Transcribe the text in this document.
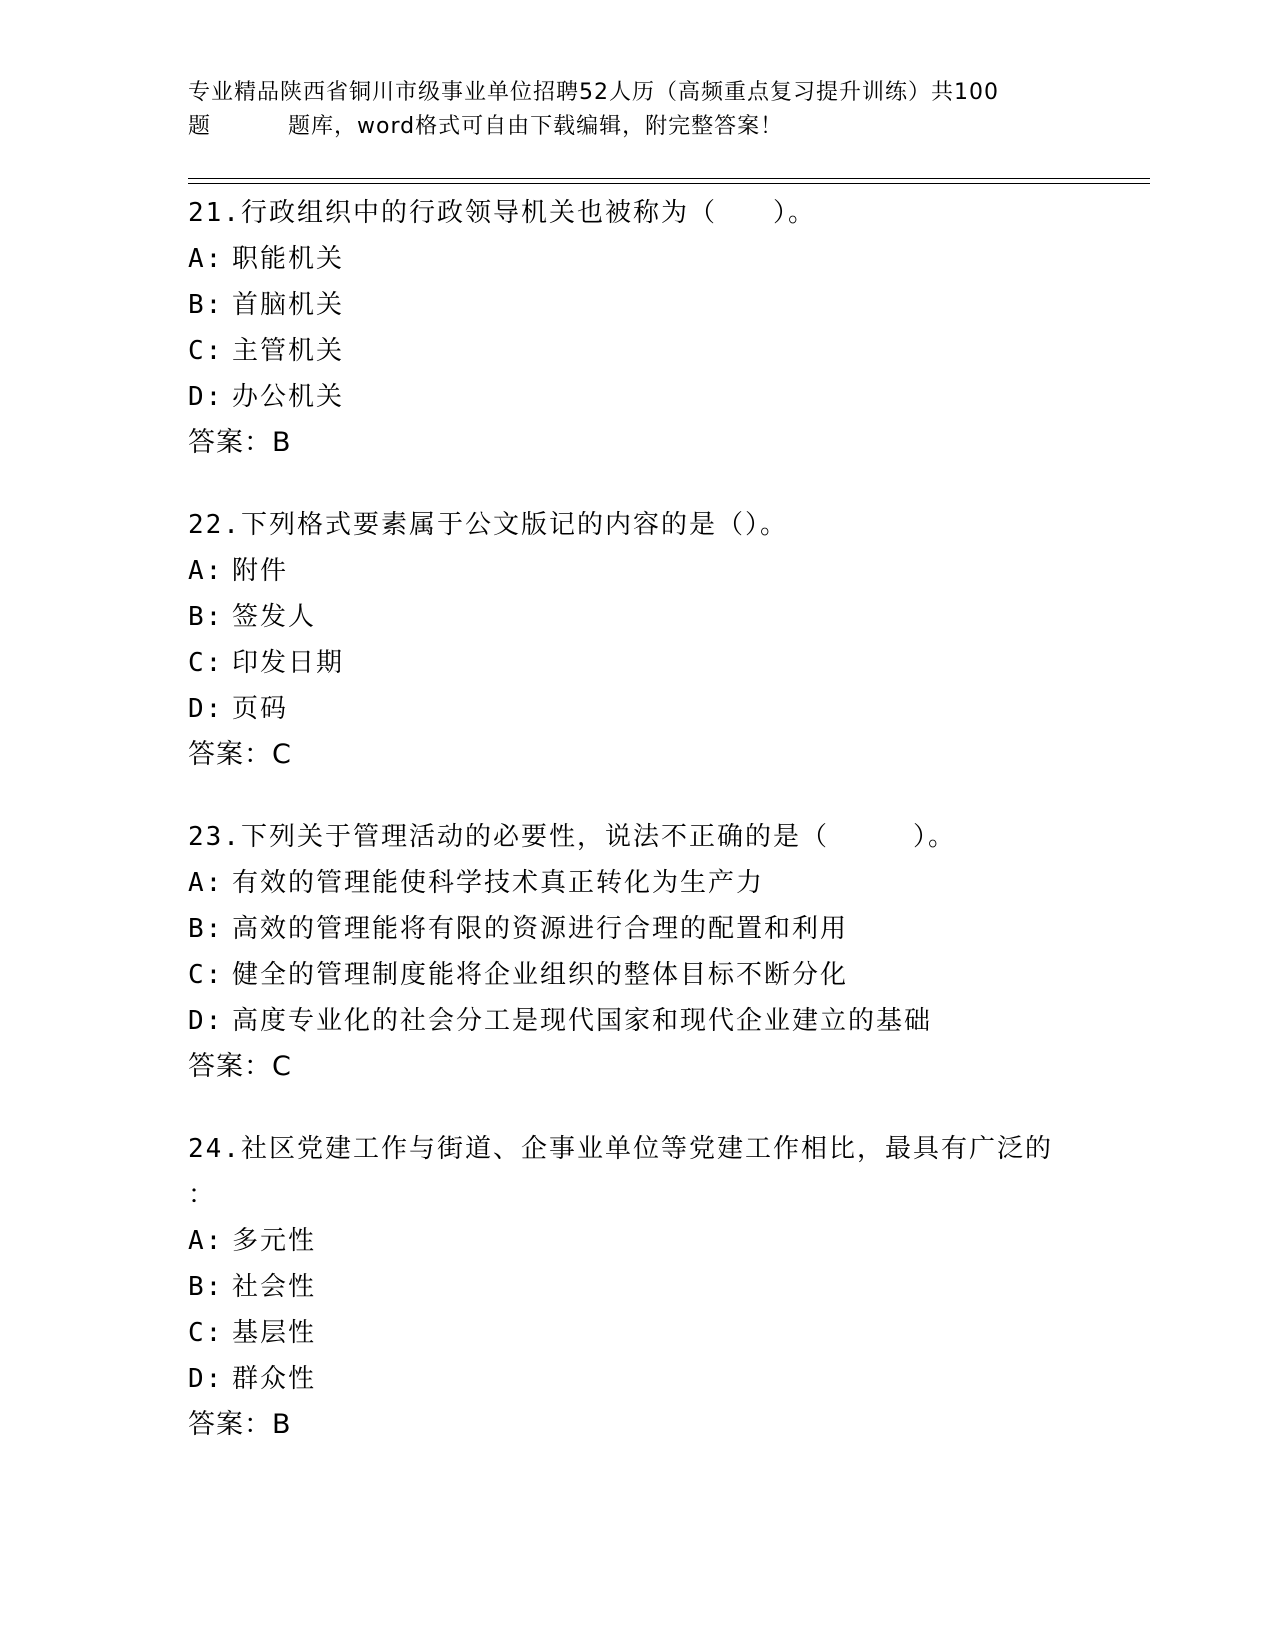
专业精品陕西省铜川市级事业单位招聘52人历（高频重点复习提升训练）共100
题	题库，word格式可自由下载编辑，附完整答案！
21.行政组织中的行政领导机关也被称为（　　）。
A: 职能机关
B: 首脑机关
C: 主管机关
D: 办公机关
答案：B
22.下列格式要素属于公文版记的内容的是（）。
A: 附件
B: 签发人
C: 印发日期
D: 页码
答案：C
23.下列关于管理活动的必要性，说法不正确的是（　　　）。
A: 有效的管理能使科学技术真正转化为生产力
B: 高效的管理能将有限的资源进行合理的配置和利用
C: 健全的管理制度能将企业组织的整体目标不断分化
D: 高度专业化的社会分工是现代国家和现代企业建立的基础
答案：C
24.社区党建工作与街道、企事业单位等党建工作相比，最具有广泛的
：
A: 多元性
B: 社会性
C: 基层性
D: 群众性
答案：B
